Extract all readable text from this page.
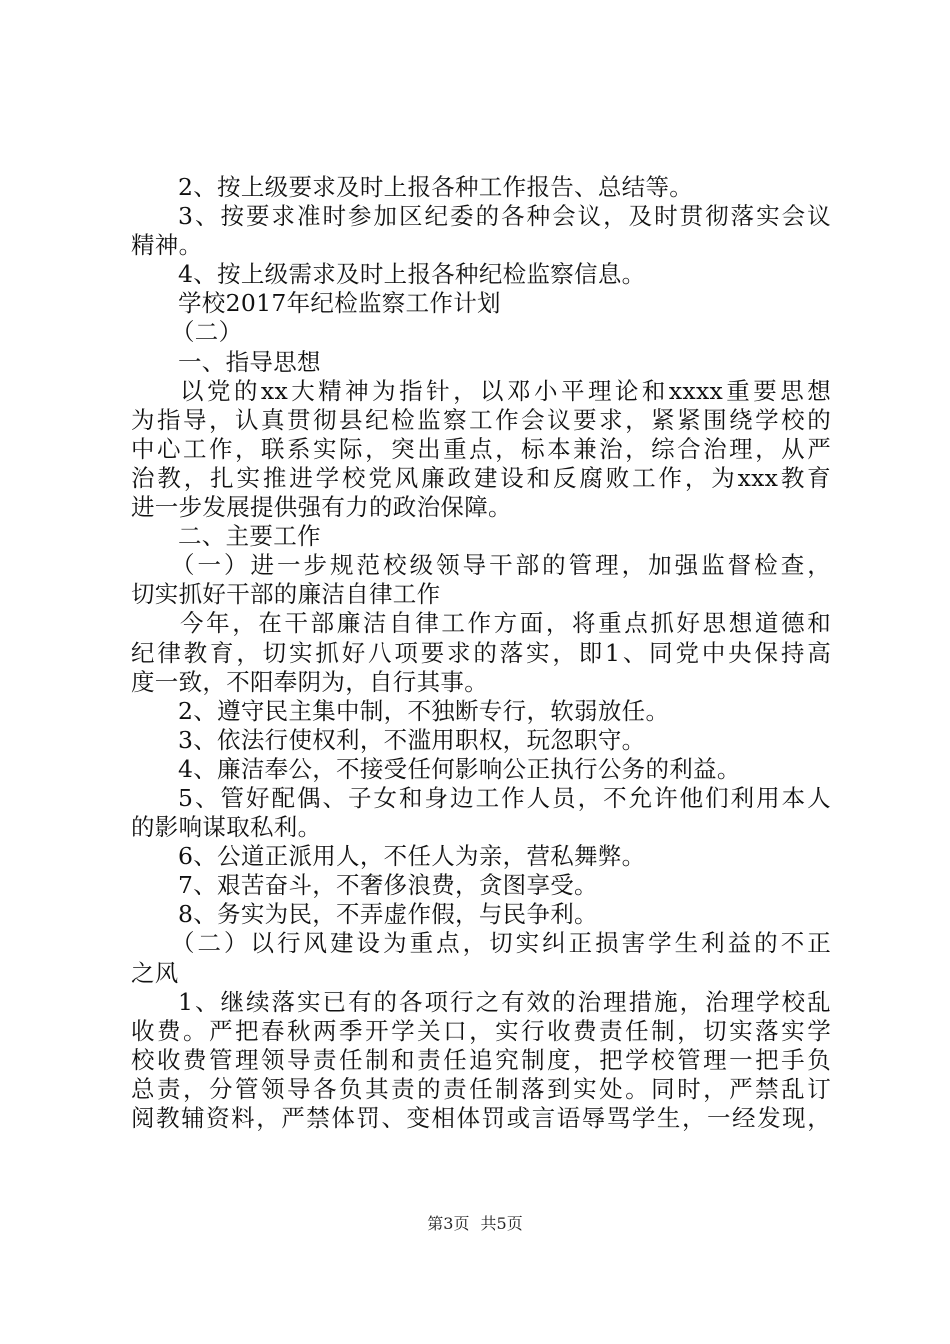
2、按上级要求及时上报各种工作报告、总结等。
3、按要求准时参加区纪委的各种会议，及时贯彻落实会议
精神。
4、按上级需求及时上报各种纪检监察信息。
学校2017年纪检监察工作计划
（二）
一、指导思想
以党的xx大精神为指针，以邓小平理论和xxxx重要思想
为指导，认真贯彻县纪检监察工作会议要求，紧紧围绕学校的
中心工作，联系实际，突出重点，标本兼治，综合治理，从严
治教，扎实推进学校党风廉政建设和反腐败工作，为xxx教育
进一步发展提供强有力的政治保障。
二、主要工作
（一）进一步规范校级领导干部的管理，加强监督检查，
切实抓好干部的廉洁自律工作
今年，在干部廉洁自律工作方面，将重点抓好思想道德和
纪律教育，切实抓好八项要求的落实，即1、同党中央保持高
度一致，不阳奉阴为，自行其事。
2、遵守民主集中制，不独断专行，软弱放任。
3、依法行使权利，不滥用职权，玩忽职守。
4、廉洁奉公，不接受任何影响公正执行公务的利益。
5、管好配偶、子女和身边工作人员，不允许他们利用本人
的影响谋取私利。
6、公道正派用人，不任人为亲，营私舞弊。
7、艰苦奋斗，不奢侈浪费，贪图享受。
8、务实为民，不弄虚作假，与民争利。
（二）以行风建设为重点，切实纠正损害学生利益的不正
之风
1、继续落实已有的各项行之有效的治理措施，治理学校乱
收费。严把春秋两季开学关口，实行收费责任制，切实落实学
校收费管理领导责任制和责任追究制度，把学校管理一把手负
总责，分管领导各负其责的责任制落到实处。同时，严禁乱订
阅教辅资料，严禁体罚、变相体罚或言语辱骂学生，一经发现，
第3页 共5页
